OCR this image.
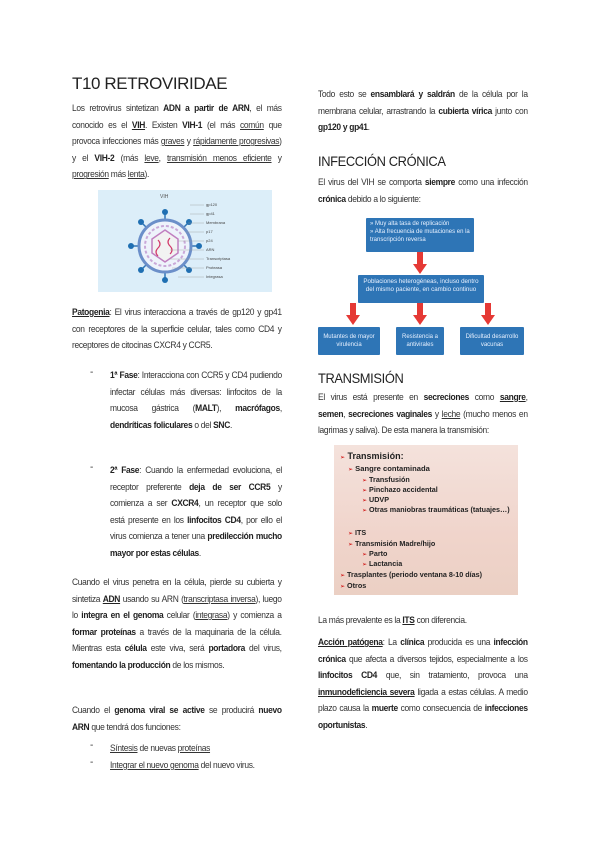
T10 RETROVIRIDAE

Los retrovirus sintetizan ADN a partir de ARN, el más conocido es el VIH. Existen VIH-1 (el más común que provoca infecciones más graves y rápidamente progresivas) y el VIH-2 (más leve, transmisión menos eficiente y progresión más lenta).

VIH
gp120
gp41
Membrana
p17
p24
ARN
Transcriptasa
Proteasa
Integrasa

Patogenia: El virus interacciona a través de gp120 y gp41 con receptores de la superficie celular, tales como CD4 y receptores de citocinas CXCR4 y CCR5.

- 1ª Fase: Interacciona con CCR5 y CD4 pudiendo infectar células más diversas: linfocitos de la mucosa gástrica (MALT), macrófagos, dendríticas foliculares o del SNC.

- 2ª Fase: Cuando la enfermedad evoluciona, el receptor preferente deja de ser CCR5 y comienza a ser CXCR4, un receptor que solo está presente en los linfocitos CD4, por ello el virus comienza a tener una predilección mucho mayor por estas células.

Cuando el virus penetra en la célula, pierde su cubierta y sintetiza ADN usando su ARN (transcriptasa inversa), luego lo integra en el genoma celular (integrasa) y comienza a formar proteínas a través de la maquinaria de la célula. Mientras esta célula este viva, será portadora del virus, fomentando la producción de los mismos.

Cuando el genoma viral se active se producirá nuevo ARN que tendrá dos funciones:

- Síntesis de nuevas proteínas

- Integrar el nuevo genoma del nuevo virus.

Todo esto se ensamblará y saldrán de la célula por la membrana celular, arrastrando la cubierta vírica junto con gp120 y gp41.

INFECCIÓN CRÓNICA

El virus del VIH se comporta siempre como una infección crónica debido a lo siguiente:

» Muy alta tasa de replicación
» Alta frecuencia de mutaciones en la transcripción reversa
Poblaciones heterogéneas, incluso dentro del mismo paciente, en cambio continuo
Mutantes de mayor virulencia
Resistencia a antivirales
Dificultad desarrollo vacunas
TRANSMISIÓN

El virus está presente en secreciones como sangre, semen, secreciones vaginales y leche (mucho menos en lagrimas y saliva). De esta manera la transmisión:

➢ Transmisión:
➢ Sangre contaminada
➢ Transfusión
➢ Pinchazo accidental
➢ UDVP
➢ Otras maniobras traumáticas (tatuajes…)
➢ ITS
➢ Transmisión Madre/hijo
➢ Parto
➢ Lactancia
➢ Trasplantes (periodo ventana 8-10 días)
➢ Otros

La más prevalente es la ITS con diferencia.

Acción patógena: La clínica producida es una infección crónica que afecta a diversos tejidos, especialmente a los linfocitos CD4 que, sin tratamiento, provoca una inmunodeficiencia severa ligada a estas células. A medio plazo causa la muerte como consecuencia de infecciones oportunistas.
